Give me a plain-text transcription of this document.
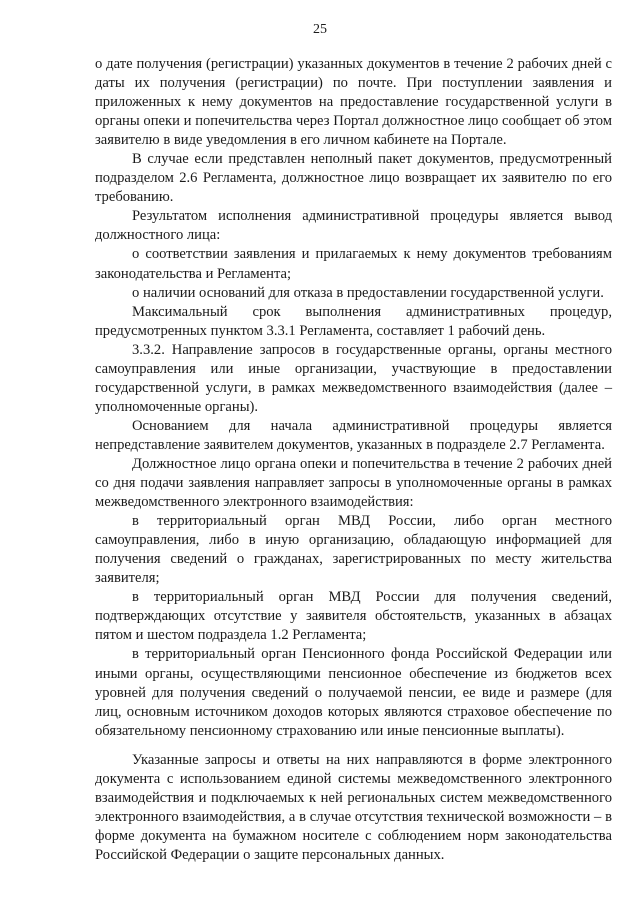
25

о дате получения (регистрации) указанных документов в течение 2 рабочих дней с даты их получения (регистрации) по почте. При поступлении заявления и приложенных к нему документов на предоставление государственной услуги в органы опеки и попечительства через Портал должностное лицо сообщает об этом заявителю в виде уведомления в его личном кабинете на Портале.

В случае если представлен неполный пакет документов, предусмотренный подразделом 2.6 Регламента, должностное лицо возвращает их заявителю по его требованию.

Результатом исполнения административной процедуры является вывод должностного лица:

о соответствии заявления и прилагаемых к нему документов требованиям законодательства и Регламента;

о наличии оснований для отказа в предоставлении государственной услуги.

Максимальный срок выполнения административных процедур, предусмотренных пунктом 3.3.1 Регламента, составляет 1 рабочий день.

3.3.2. Направление запросов в государственные органы, органы местного самоуправления или иные организации, участвующие в предоставлении государственной услуги, в рамках межведомственного взаимодействия (далее – уполномоченные органы).

Основанием для начала административной процедуры является непредставление заявителем документов, указанных в подразделе 2.7 Регламента.

Должностное лицо органа опеки и попечительства в течение 2 рабочих дней со дня подачи заявления направляет запросы в уполномоченные органы в рамках межведомственного электронного взаимодействия:

в территориальный орган МВД России, либо орган местного самоуправления, либо в иную организацию, обладающую информацией для получения сведений о гражданах, зарегистрированных по месту жительства заявителя;

в территориальный орган МВД России для получения сведений, подтверждающих отсутствие у заявителя обстоятельств, указанных в абзацах пятом и шестом подраздела 1.2 Регламента;

в территориальный орган Пенсионного фонда Российской Федерации или иными органы, осуществляющими пенсионное обеспечение из бюджетов всех уровней для получения сведений о получаемой пенсии, ее виде и размере (для лиц, основным источником доходов которых являются страховое обеспечение по обязательному пенсионному страхованию или иные пенсионные выплаты).

Указанные запросы и ответы на них направляются в форме электронного документа с использованием единой системы межведомственного электронного взаимодействия и подключаемых к ней региональных систем межведомственного электронного взаимодействия, а в случае отсутствия технической возможности – в форме документа на бумажном носителе с соблюдением норм законодательства Российской Федерации о защите персональных данных.
